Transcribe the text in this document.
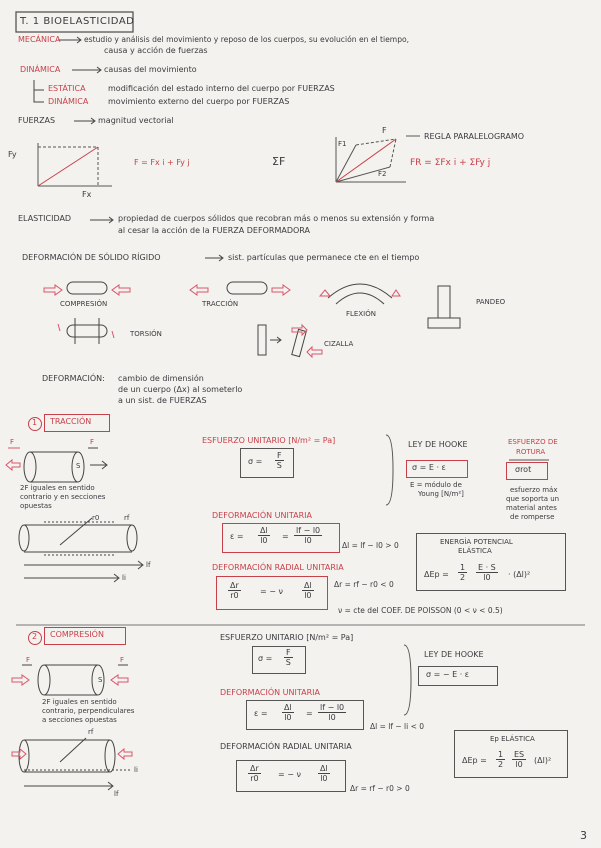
T. 1 BIOELASTICIDAD
MECÁNICA	estudio y análisis del movimiento y reposo de los cuerpos, su evolución en el tiempo,
causa y acción de fuerzas
DINÁMICA	causas del movimiento
ESTÁTICA	modificación del estado interno del cuerpo por FUERZAS
DINÁMICA movimiento externo del cuerpo por FUERZAS
FUERZAS	magnitud vectorial
Fy
Fx
F = Fx i + Fy j	ΣF
F
F1
F2
REGLA PARALELOGRAMO
FR = ΣFx i + ΣFy j
ELASTICIDAD	propiedad de cuerpos sólidos que recobran más o menos su extensión y forma
al cesar la acción de la FUERZA DEFORMADORA
DEFORMACIÓN DE SÓLIDO RÍGIDO	sist. partículas que permanece cte en el tiempo
COMPRESIÓN	TRACCIÓN
TORSIÓN
FLEXIÓN
PANDEO
CIZALLA
DEFORMACIÓN: cambio de dimensión
de un cuerpo (Δx) al someterlo
a un sist. de FUERZAS
1 TRACCIÓN
F	F
S
2F iguales en sentido
contrario y en secciones
opuestas
r0	rf
lf
li
ESFUERZO UNITARIO [N/m² = Pa]
$\sigma = \frac{F}{S}$
DEFORMACIÓN UNITARIA
ε =
Δl
l0 =
lf − l0
l0
Δl = lf − l0 > 0
DEFORMACIÓN RADIAL UNITARIA
Δr
r0	= − ν
Δl
l0
Δr = rf − r0 < 0
ν = cte del COEF. DE POISSON (0 < ν < 0.5)
LEY DE HOOKE
σ = E · ε
E = módulo de
Young [N/m²]
ESFUERZO DE
ROTURA
σrot
esfuerzo máx
que soporta un
material antes
de romperse
ENERGÍA POTENCIAL
ELÁSTICA
ΔEp =
1
2
E · S
l0 · (Δl)²
2 COMPRESIÓN
F	F
S
2F iguales en sentido
contrario, perpendiculares
a secciones opuestas
rf
li
lf
ESFUERZO UNITARIO [N/m² = Pa]
$\sigma = \frac{F}{S}$
DEFORMACIÓN UNITARIA
ε =
Δl
l0 =
lf − l0
l0
Δl = lf − li < 0
DEFORMACIÓN RADIAL UNITARIA
Δr
r0 = − ν
Δl
l0
Δr = rf − r0 > 0
LEY DE HOOKE
σ = − E · ε
Ep ELÁSTICA
ΔEp =
1
2
ES
l0 (Δl)²
3
